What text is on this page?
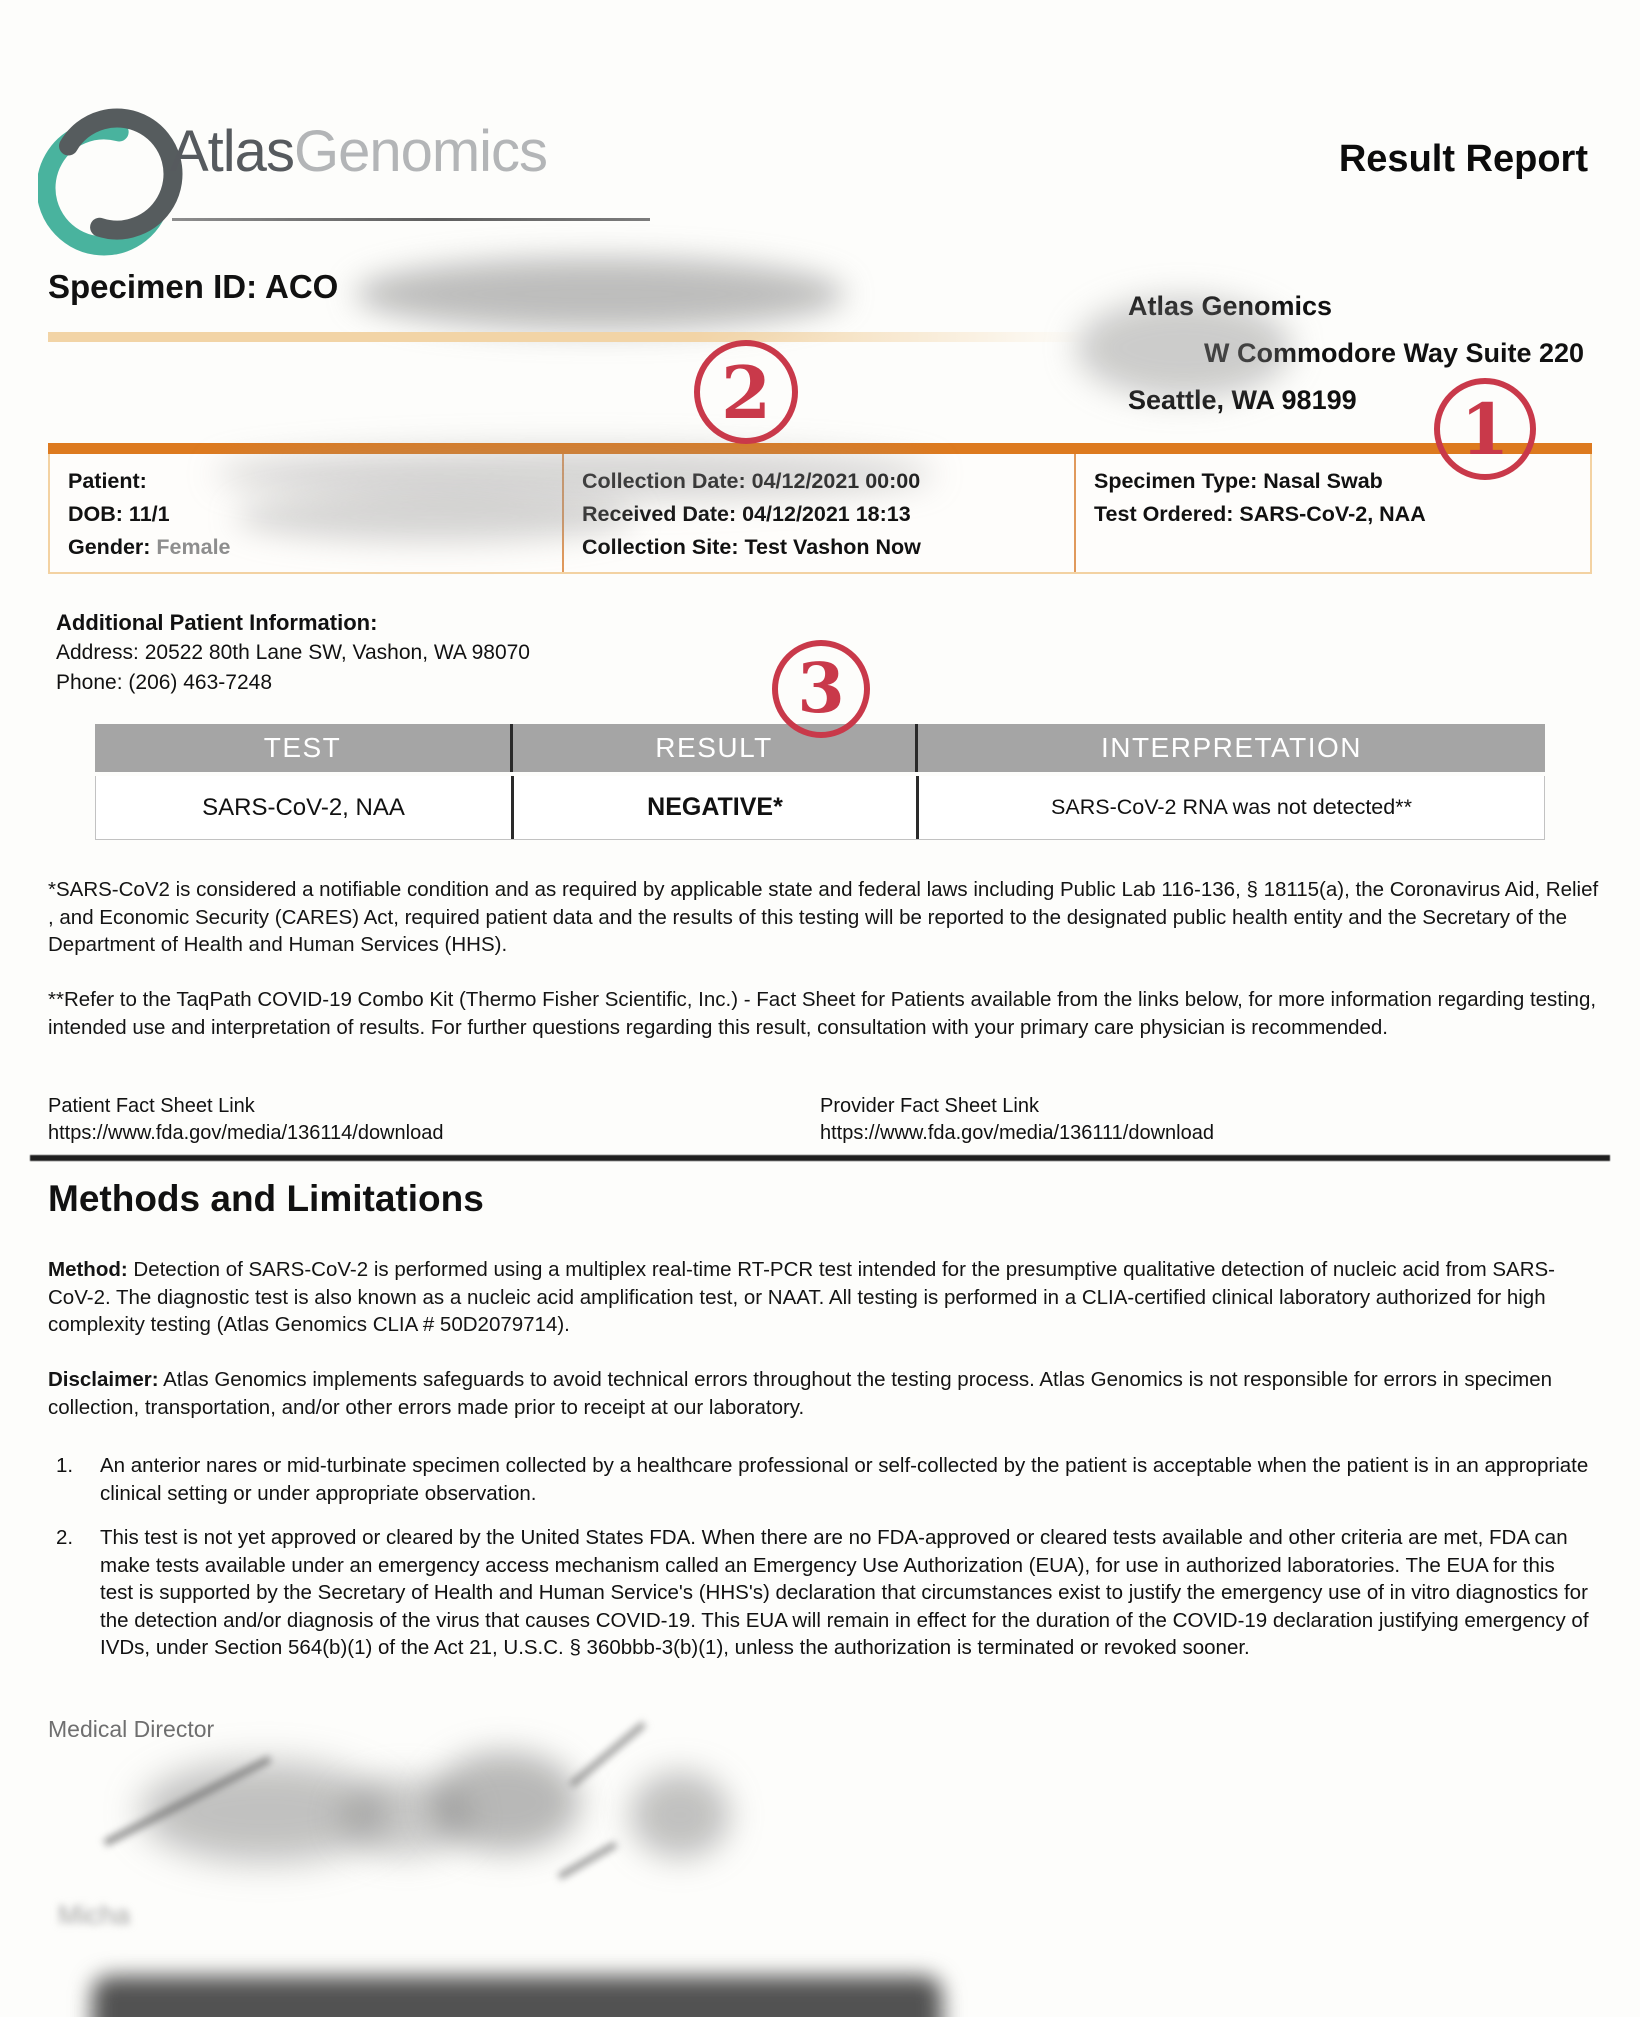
AtlasGenomics	Result Report
Specimen ID: ACO
Atlas Genomics
W Commodore Way Suite 220
Seattle, WA 98199
2	1
3
Patient:
DOB: 11/1
Gender: Female
Collection Date: 04/12/2021 00:00
Received Date: 04/12/2021 18:13
Collection Site: Test Vashon Now
Specimen Type: Nasal Swab
Test Ordered: SARS-CoV-2, NAA
Additional Patient Information:
Address: 20522 80th Lane SW, Vashon, WA 98070
Phone: (206) 463-7248
TEST	RESULT	INTERPRETATION
SARS-CoV-2, NAA	NEGATIVE*	SARS-CoV-2 RNA was not detected**
*SARS-CoV2 is considered a notifiable condition and as required by applicable state and federal laws including Public Lab 116-136, § 18115(a), the Coronavirus Aid, Relief , and Economic Security (CARES) Act, required patient data and the results of this testing will be reported to the designated public health entity and the Secretary of the Department of Health and Human Services (HHS).
**Refer to the TaqPath COVID-19 Combo Kit (Thermo Fisher Scientific, Inc.) - Fact Sheet for Patients available from the links below, for more information regarding testing, intended use and interpretation of results. For further questions regarding this result, consultation with your primary care physician is recommended.
Patient Fact Sheet Link
https://www.fda.gov/media/136114/download
Provider Fact Sheet Link
https://www.fda.gov/media/136111/download
Methods and Limitations
Method: Detection of SARS-CoV-2 is performed using a multiplex real-time RT-PCR test intended for the presumptive qualitative detection of nucleic acid from SARS-CoV-2. The diagnostic test is also known as a nucleic acid amplification test, or NAAT. All testing is performed in a CLIA-certified clinical laboratory authorized for high complexity testing (Atlas Genomics CLIA # 50D2079714).
Disclaimer: Atlas Genomics implements safeguards to avoid technical errors throughout the testing process. Atlas Genomics is not responsible for errors in specimen collection, transportation, and/or other errors made prior to receipt at our laboratory.
1.	An anterior nares or mid-turbinate specimen collected by a healthcare professional or self-collected by the patient is acceptable when the patient is in an appropriate clinical setting or under appropriate observation.
2.	This test is not yet approved or cleared by the United States FDA. When there are no FDA-approved or cleared tests available and other criteria are met, FDA can make tests available under an emergency access mechanism called an Emergency Use Authorization (EUA), for use in authorized laboratories. The EUA for this test is supported by the Secretary of Health and Human Service's (HHS's) declaration that circumstances exist to justify the emergency use of in vitro diagnostics for the detection and/or diagnosis of the virus that causes COVID-19. This EUA will remain in effect for the duration of the COVID-19 declaration justifying emergency of IVDs, under Section 564(b)(1) of the Act 21, U.S.C. § 360bbb-3(b)(1), unless the authorization is terminated or revoked sooner.
Medical Director
Micha
